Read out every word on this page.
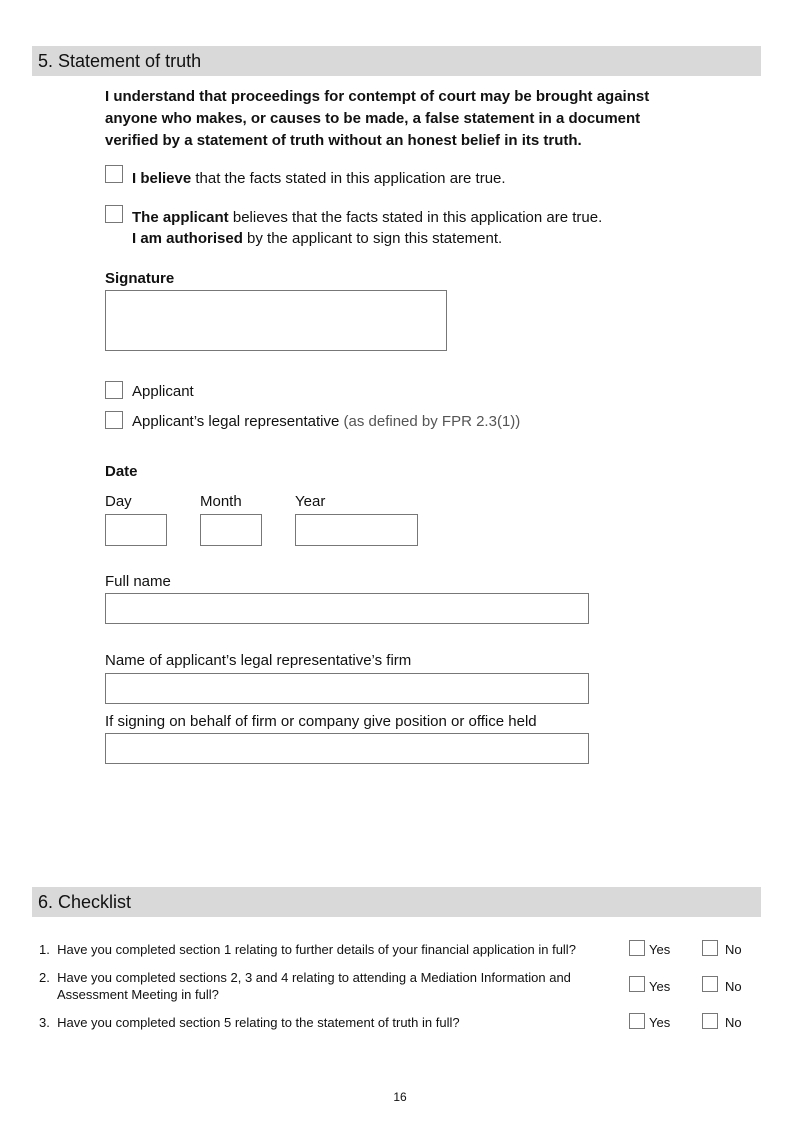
5. Statement of truth
I understand that proceedings for contempt of court may be brought against anyone who makes, or causes to be made, a false statement in a document verified by a statement of truth without an honest belief in its truth.
I believe that the facts stated in this application are true.
The applicant believes that the facts stated in this application are true.
I am authorised by the applicant to sign this statement.
Signature
Applicant
Applicant’s legal representative (as defined by FPR 2.3(1))
Date
Day	Month	Year
Full name
Name of applicant’s legal representative’s firm
If signing on behalf of firm or company give position or office held
6. Checklist
1. Have you completed section 1 relating to further details of your financial application in full?	Yes	No
2. Have you completed sections 2, 3 and 4 relating to attending a Mediation Information and
Assessment Meeting in full?
Yes	No
3. Have you completed section 5 relating to the statement of truth in full?	Yes	No
16
